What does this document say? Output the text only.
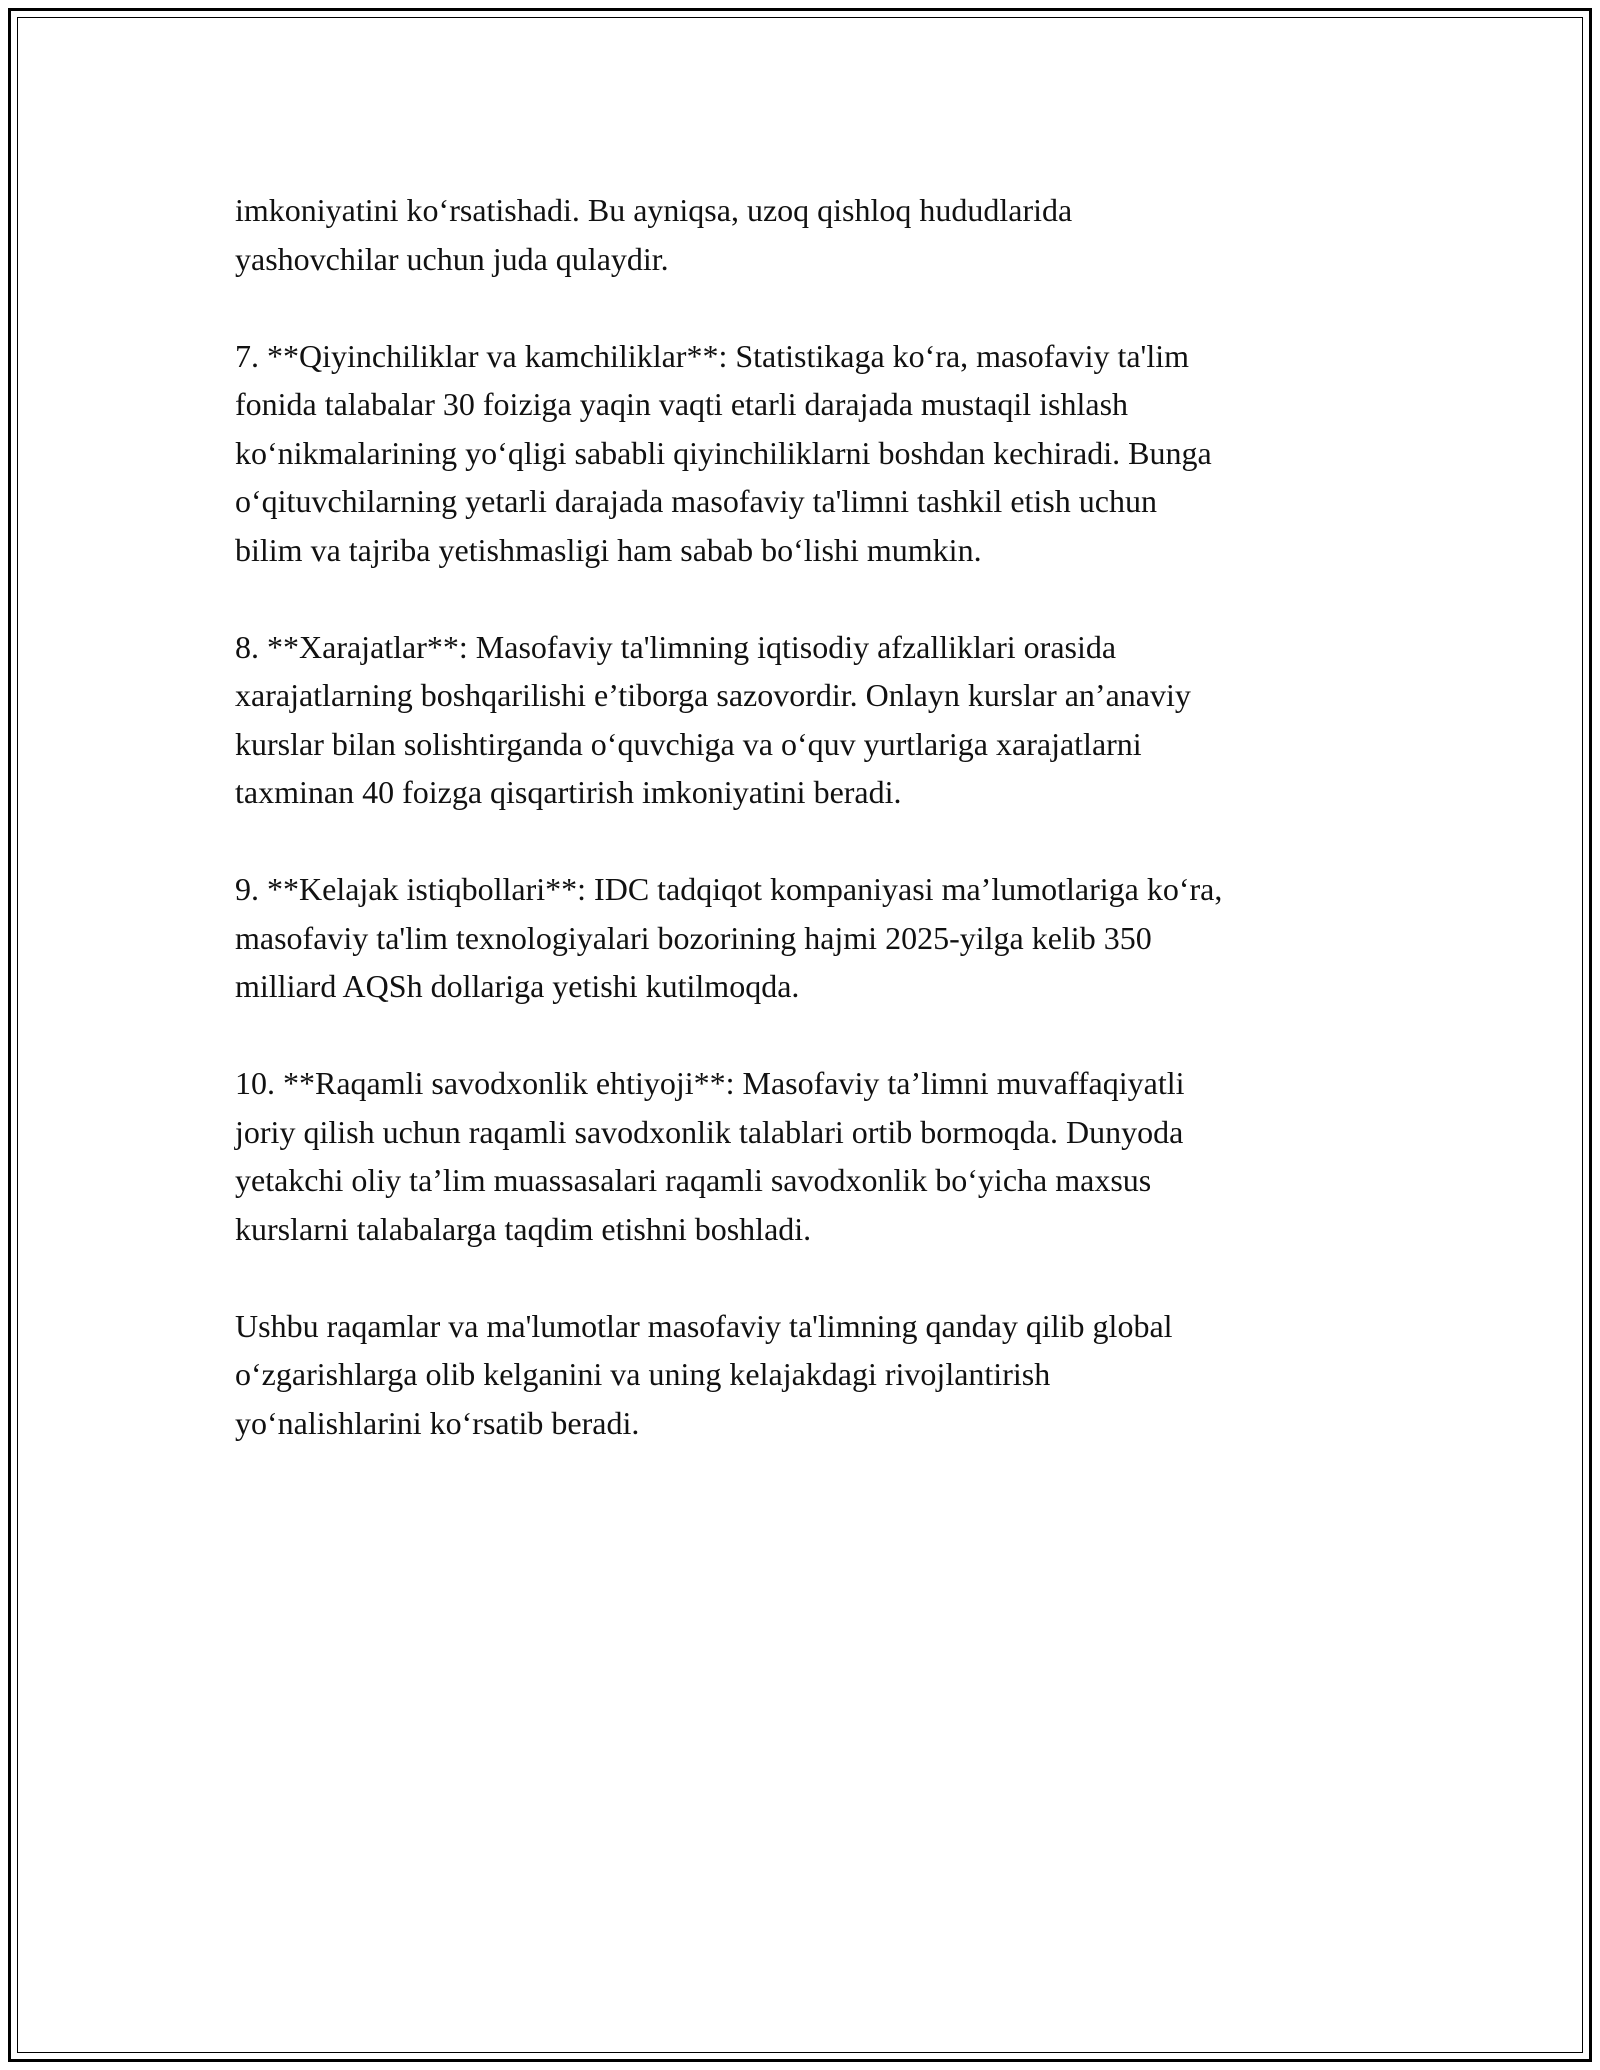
imkoniyatini ko‘rsatishadi. Bu ayniqsa, uzoq qishloq hududlarida
yashovchilar uchun juda qulaydir.

7. **Qiyinchiliklar va kamchiliklar**: Statistikaga ko‘ra, masofaviy ta'lim
fonida talabalar 30 foiziga yaqin vaqti etarli darajada mustaqil ishlash
ko‘nikmalarining yo‘qligi sababli qiyinchiliklarni boshdan kechiradi. Bunga
o‘qituvchilarning yetarli darajada masofaviy ta'limni tashkil etish uchun
bilim va tajriba yetishmasligi ham sabab bo‘lishi mumkin.

8. **Xarajatlar**: Masofaviy ta'limning iqtisodiy afzalliklari orasida
xarajatlarning boshqarilishi e’tiborga sazovordir. Onlayn kurslar an’anaviy
kurslar bilan solishtirganda o‘quvchiga va o‘quv yurtlariga xarajatlarni
taxminan 40 foizga qisqartirish imkoniyatini beradi.

9. **Kelajak istiqbollari**: IDC tadqiqot kompaniyasi ma’lumotlariga ko‘ra,
masofaviy ta'lim texnologiyalari bozorining hajmi 2025-yilga kelib 350
milliard AQSh dollariga yetishi kutilmoqda.

10. **Raqamli savodxonlik ehtiyoji**: Masofaviy ta’limni muvaffaqiyatli
joriy qilish uchun raqamli savodxonlik talablari ortib bormoqda. Dunyoda
yetakchi oliy ta’lim muassasalari raqamli savodxonlik bo‘yicha maxsus
kurslarni talabalarga taqdim etishni boshladi.

Ushbu raqamlar va ma'lumotlar masofaviy ta'limning qanday qilib global
o‘zgarishlarga olib kelganini va uning kelajakdagi rivojlantirish
yo‘nalishlarini ko‘rsatib beradi.
